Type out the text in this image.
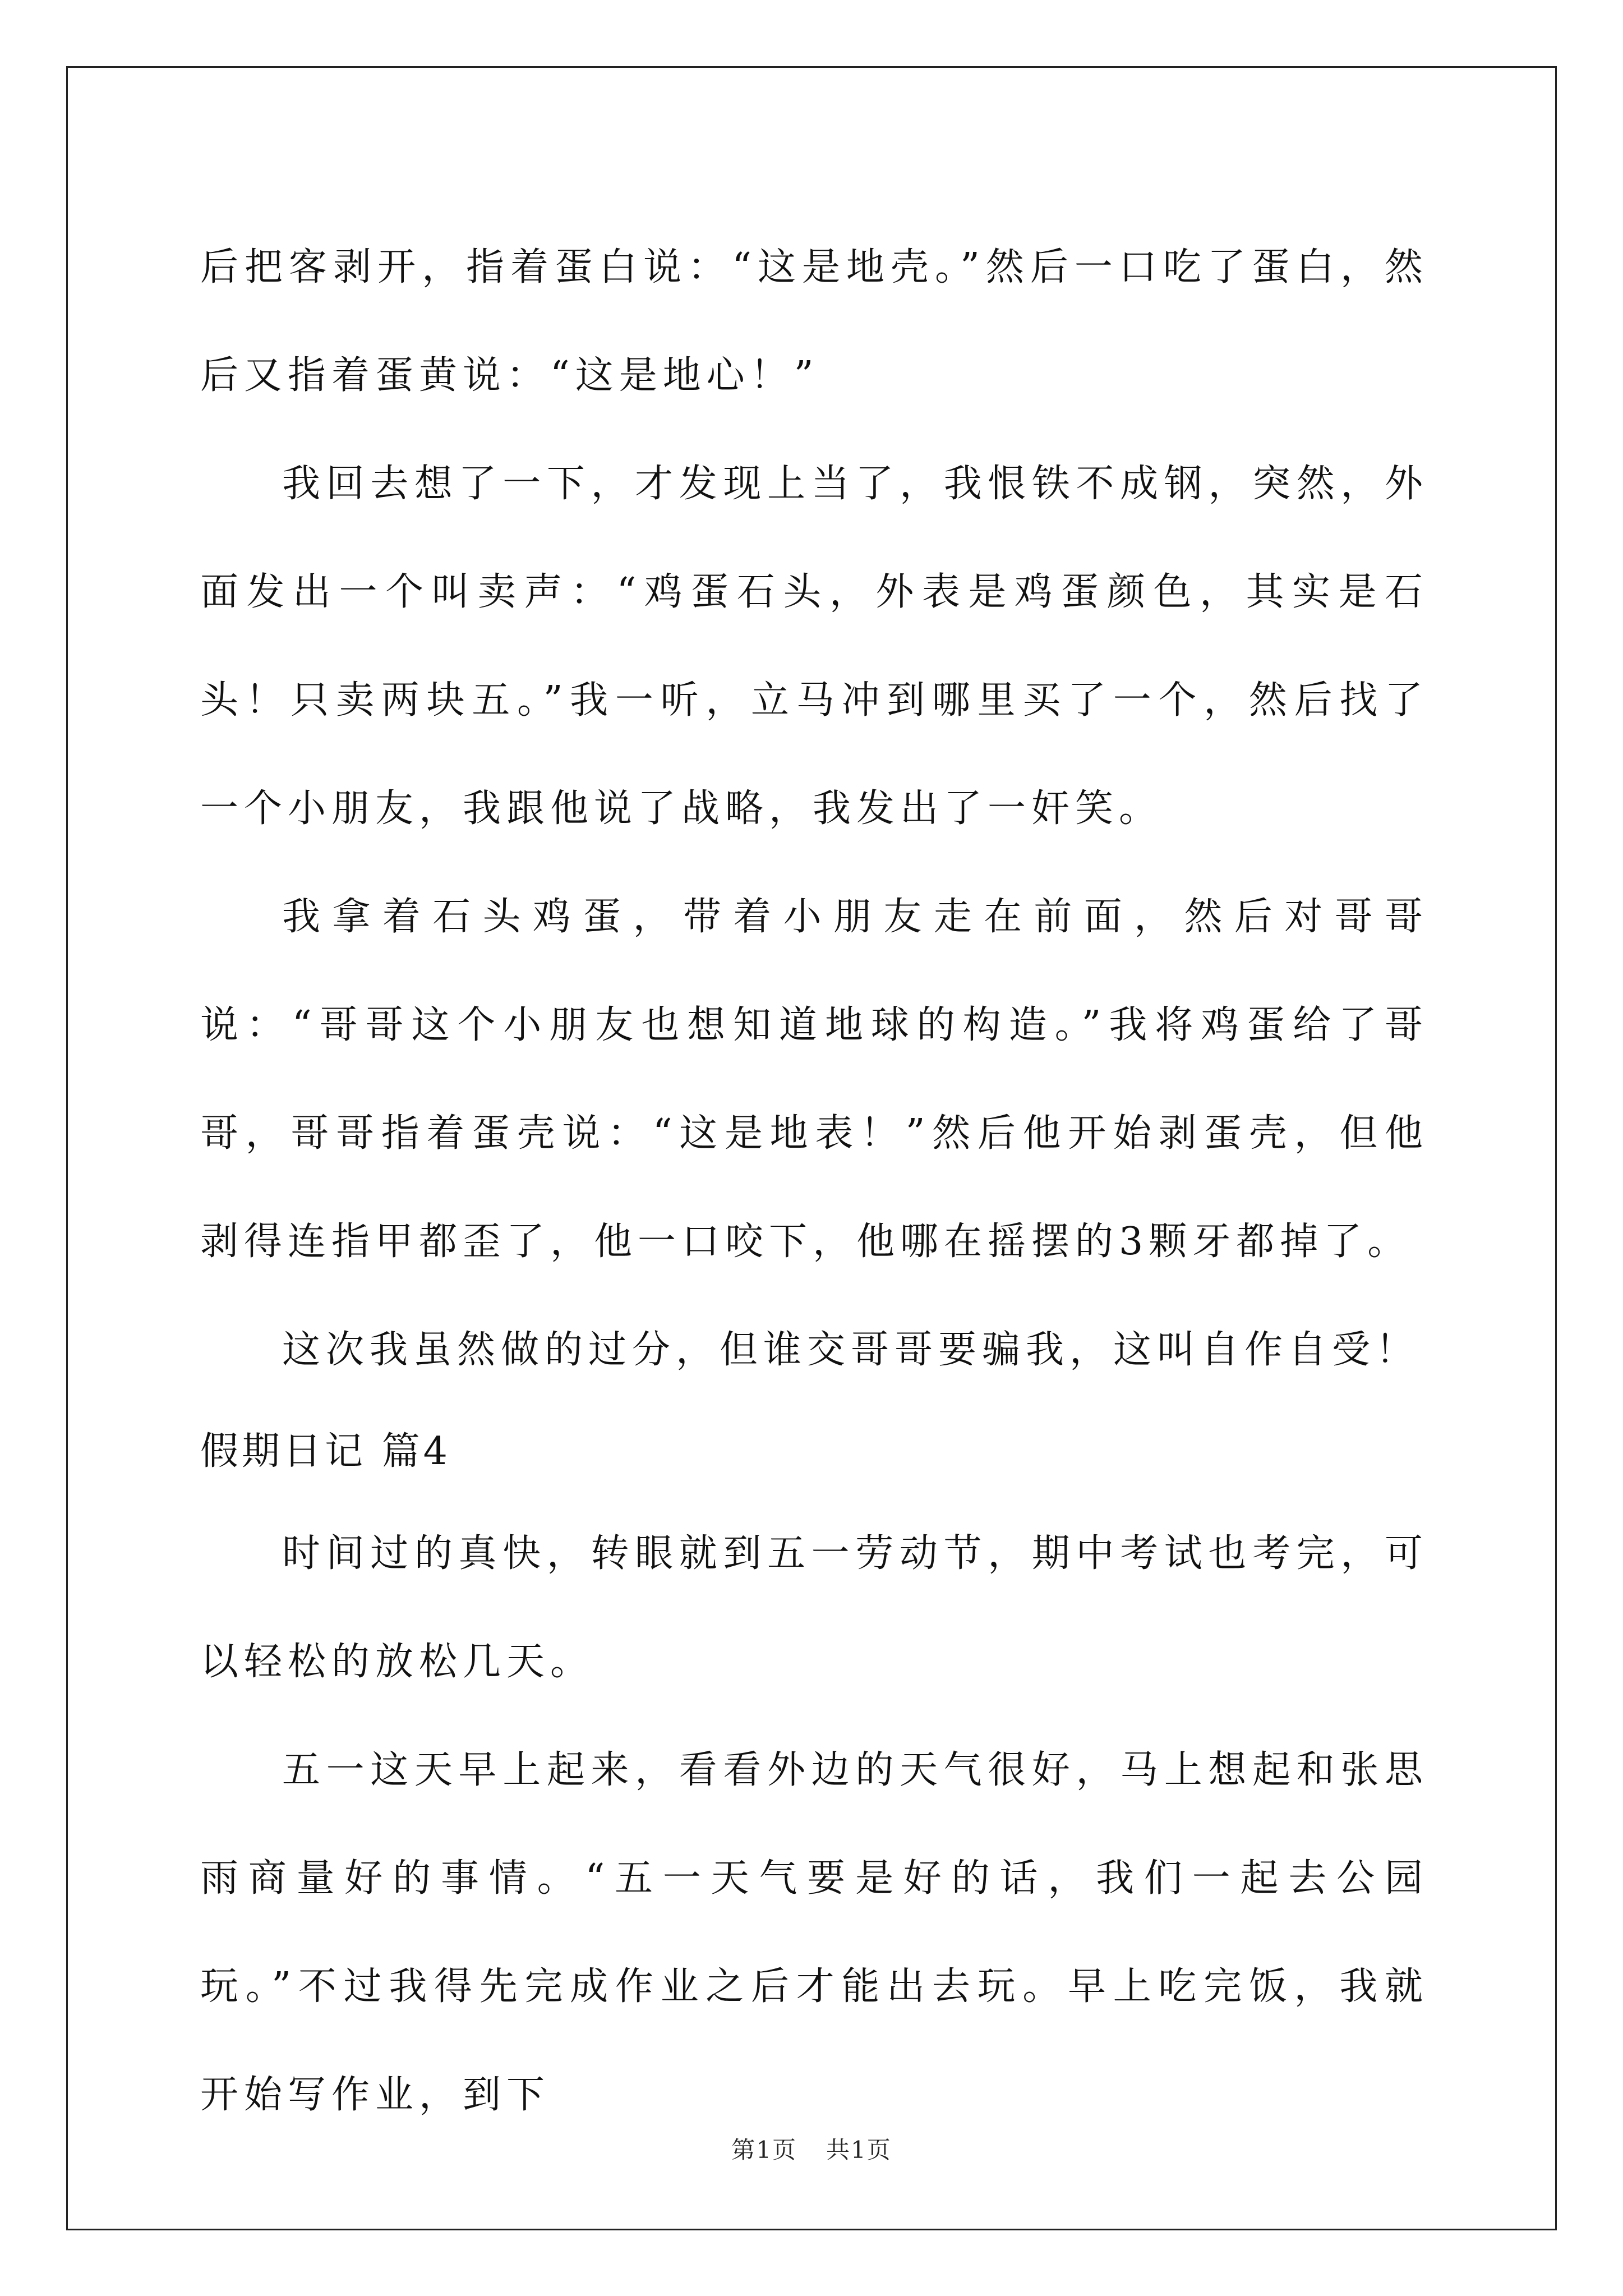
后把客剥开，指着蛋白说：“这是地壳。”然后一口吃了蛋白，然后又指着蛋黄说：“这是地心！”

我回去想了一下，才发现上当了，我恨铁不成钢，突然，外面发出一个叫卖声：“鸡蛋石头，外表是鸡蛋颜色，其实是石头！只卖两块五。”我一听，立马冲到哪里买了一个，然后找了一个小朋友，我跟他说了战略，我发出了一奸笑。

我拿着石头鸡蛋，带着小朋友走在前面，然后对哥哥说：“哥哥这个小朋友也想知道地球的构造。”我将鸡蛋给了哥哥，哥哥指着蛋壳说：“这是地表！”然后他开始剥蛋壳，但他剥得连指甲都歪了，他一口咬下，他哪在摇摆的3颗牙都掉了。

这次我虽然做的过分，但谁交哥哥要骗我，这叫自作自受！

假期日记 篇4

时间过的真快，转眼就到五一劳动节，期中考试也考完，可以轻松的放松几天。

五一这天早上起来，看看外边的天气很好，马上想起和张思雨商量好的事情。“五一天气要是好的话，我们一起去公园玩。”不过我得先完成作业之后才能出去玩。早上吃完饭，我就开始写作业，到下

第1页 共1页
